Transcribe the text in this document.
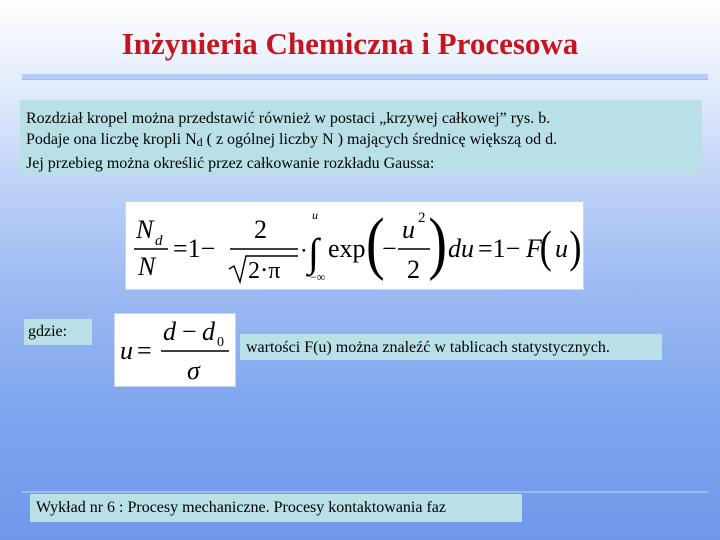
Inżynieria Chemiczna i Procesowa

Rozdział kropel można przedstawić również w postaci „krzywej całkowej” rys. b.

Podaje ona liczbę kropli Nd ( z ogólnej liczby N ) mających średnicę większą od d.

Jej przebieg można określić przez całkowanie rozkładu Gaussa:

N d
N
=1−
2
2⋅π
⋅
u
∫
−∞
exp (
−
u 2
2 ) du =1− F
( u )
gdzie:
u =
d − d 0
σ
wartości F(u) można znaleźć w tablicach statystycznych.
Wykład nr 6 : Procesy mechaniczne. Procesy kontaktowania faz
